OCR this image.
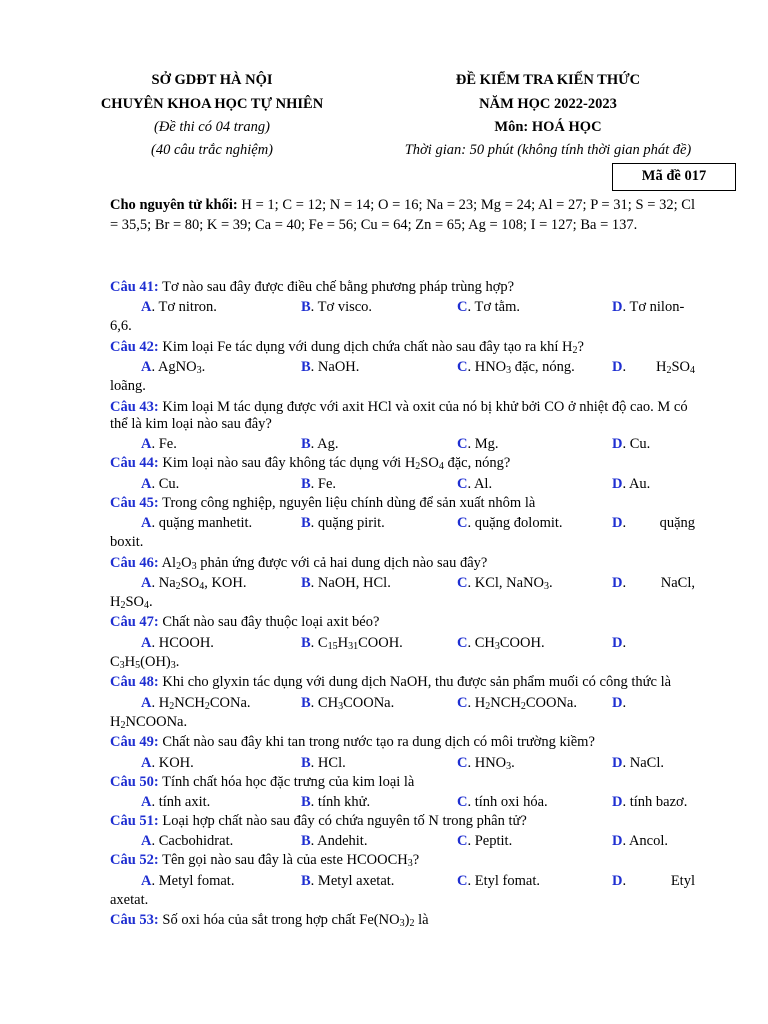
SỞ GDĐT HÀ NỘI
CHUYÊN KHOA HỌC TỰ NHIÊN
(Đề thi có 04 trang)
(40 câu trắc nghiệm)
ĐỀ KIỂM TRA KIẾN THỨC
NĂM HỌC 2022-2023
Môn: HOÁ HỌC
Thời gian: 50 phút (không tính thời gian phát đề)
Mã đề 017
Cho nguyên tử khối: H = 1; C = 12; N = 14; O = 16; Na = 23; Mg = 24; Al = 27; P = 31; S = 32; Cl = 35,5; Br = 80; K = 39; Ca = 40; Fe = 56; Cu = 64; Zn = 65; Ag = 108; I = 127; Ba = 137.
Câu 41: Tơ nào sau đây được điều chế bằng phương pháp trùng hợp?
A. Tơ nitron.	B. Tơ visco.	C. Tơ tằm.	D. Tơ nilon-
6,6.
Câu 42: Kim loại Fe tác dụng với dung dịch chứa chất nào sau đây tạo ra khí $H_2$?
A. AgNO$_3$.	B. NaOH.	C. $HNO_3$ đặc, nóng.	D. $H_2SO_4$
loãng.
Câu 43: Kim loại M tác dụng được với axit HCl và oxit của nó bị khử bởi CO ở nhiệt độ cao. M có thể là kim loại nào sau đây?
A. Fe.	B. Ag.	C. Mg.	D. Cu.
Câu 44: Kim loại nào sau đây không tác dụng với $H_2SO_4$ đặc, nóng?
A. Cu.	B. Fe.	C. Al.	D. Au.
Câu 45: Trong công nghiệp, nguyên liệu chính dùng để sản xuất nhôm là
A. quặng manhetit.	B. quặng pirit.	C. quặng đolomit.	D. quặng
boxit.
Câu 46: $Al_2O_3$ phản ứng được với cả hai dung dịch nào sau đây?
A. $Na_2SO_4$, KOH.	B. NaOH, HCl.	C. KCl, NaNO$_3$.	D. NaCl,
$H_2SO_4$.
Câu 47: Chất nào sau đây thuộc loại axit béo?
A. HCOOH.	B. $C_{15}H_{31}COOH$.	C. $CH_3COOH$.	D.
$C_3H_5(OH)_3$.
Câu 48: Khi cho glyxin tác dụng với dung dịch NaOH, thu được sản phẩm muối có công thức là
A. $H_2NCH_2CONa$.	B. $CH_3COONa$.	C. $H_2NCH_2COONa$. D.
$H_2NCOONa$.
Câu 49: Chất nào sau đây khi tan trong nước tạo ra dung dịch có môi trường kiềm?
A. KOH.	B. HCl.	C. $HNO_3$.	D. NaCl.
Câu 50: Tính chất hóa học đặc trưng của kim loại là
A. tính axit.	B. tính khử.	C. tính oxi hóa.	D. tính bazơ.
Câu 51: Loại hợp chất nào sau đây có chứa nguyên tố N trong phân tử?
A. Cacbohidrat.	B. Andehit.	C. Peptit.	D. Ancol.
Câu 52: Tên gọi nào sau đây là của este $HCOOCH_3$?
A. Metyl fomat.	B. Metyl axetat.	C. Etyl fomat.	D.	Etyl
axetat.
Câu 53: Số oxi hóa của sắt trong hợp chất $Fe(NO_3)_2$ là
